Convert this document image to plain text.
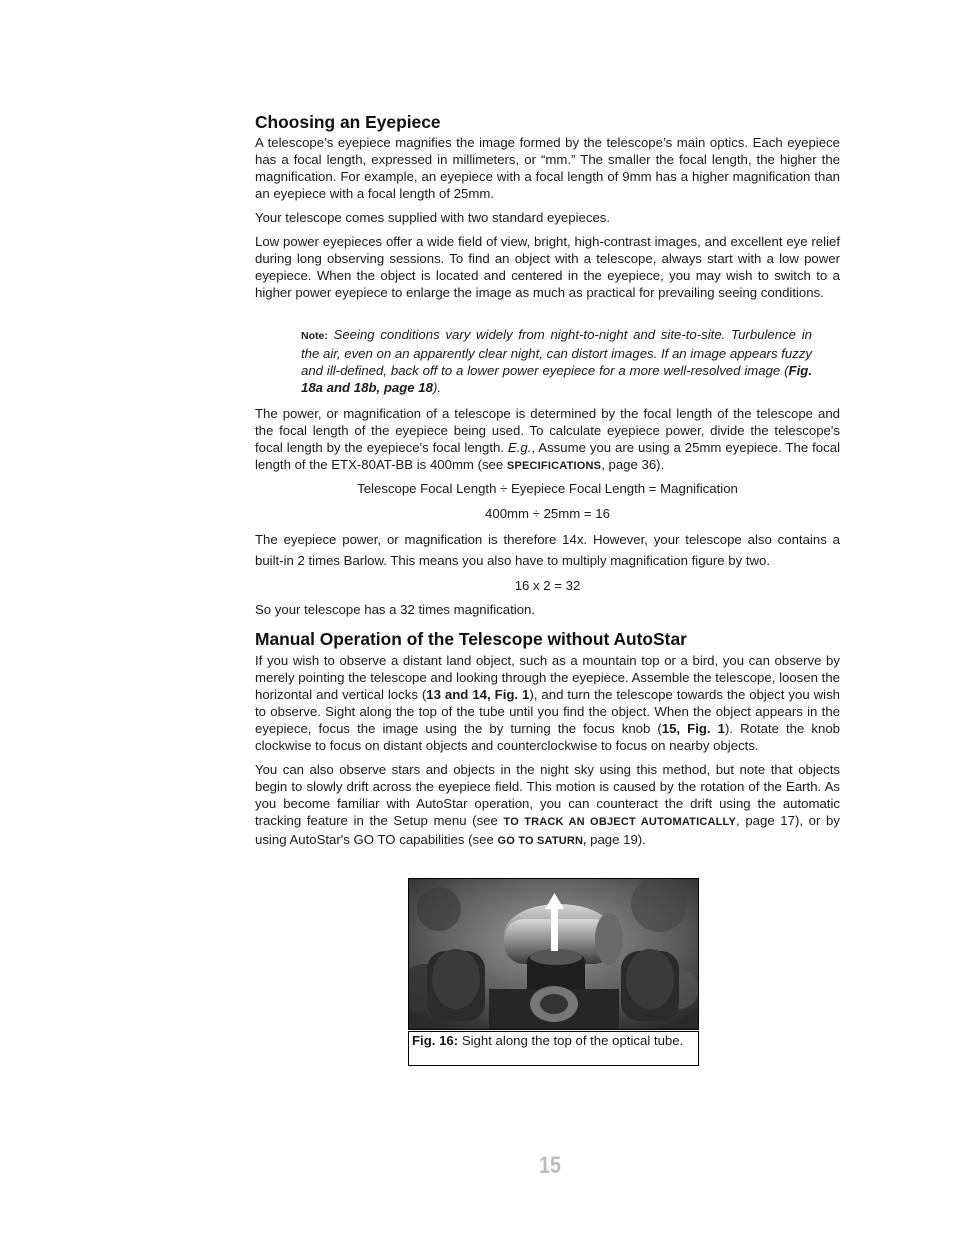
Choosing an Eyepiece

A telescope’s eyepiece magnifies the image formed by the telescope’s main optics. Each eyepiece has a focal length, expressed in millimeters, or “mm.” The smaller the focal length, the higher the magnification. For example, an eyepiece with a focal length of 9mm has a higher magnification than an eyepiece with a focal length of 25mm.

Your telescope comes supplied with two standard eyepieces.

Low power eyepieces offer a wide field of view, bright, high-contrast images, and excellent eye relief during long observing sessions. To find an object with a telescope, always start with a low power eyepiece. When the object is located and centered in the eyepiece, you may wish to switch to a higher power eyepiece to enlarge the image as much as practical for prevailing seeing conditions.

Note: Seeing conditions vary widely from night-to-night and site-to-site. Turbulence in the air, even on an apparently clear night, can distort images. If an image appears fuzzy and ill-defined, back off to a lower power eyepiece for a more well-resolved image (Fig. 18a and 18b, page 18).

The power, or magnification of a telescope is determined by the focal length of the telescope and the focal length of the eyepiece being used. To calculate eyepiece power, divide the telescope's focal length by the eyepiece's focal length. E.g., Assume you are using a 25mm eyepiece. The focal length of the ETX-80AT-BB is 400mm (see SPECIFICATIONS, page 36).

Telescope Focal Length ÷ Eyepiece Focal Length = Magnification
400mm ÷ 25mm = 16

The eyepiece power, or magnification is therefore 14x. However, your telescope also contains a built-in 2 times Barlow. This means you also have to multiply magnification figure by two.

16 x 2 = 32

So your telescope has a 32 times magnification.

Manual Operation of the Telescope without AutoStar

If you wish to observe a distant land object, such as a mountain top or a bird, you can observe by merely pointing the telescope and looking through the eyepiece. Assemble the telescope, loosen the horizontal and vertical locks (13 and 14, Fig. 1), and turn the telescope towards the object you wish to observe. Sight along the top of the tube until you find the object. When the object appears in the eyepiece, focus the image using the by turning the focus knob (15, Fig. 1). Rotate the knob clockwise to focus on distant objects and counterclockwise to focus on nearby objects.

You can also observe stars and objects in the night sky using this method, but note that objects begin to slowly drift across the eyepiece field. This motion is caused by the rotation of the Earth. As you become familiar with AutoStar operation, you can counteract the drift using the automatic tracking feature in the Setup menu (see TO TRACK AN OBJECT AUTOMATICALLY, page 17), or by using AutoStar's GO TO capabilities (see GO TO SATURN, page 19).

Fig. 16: Sight along the top of the optical tube.
15
